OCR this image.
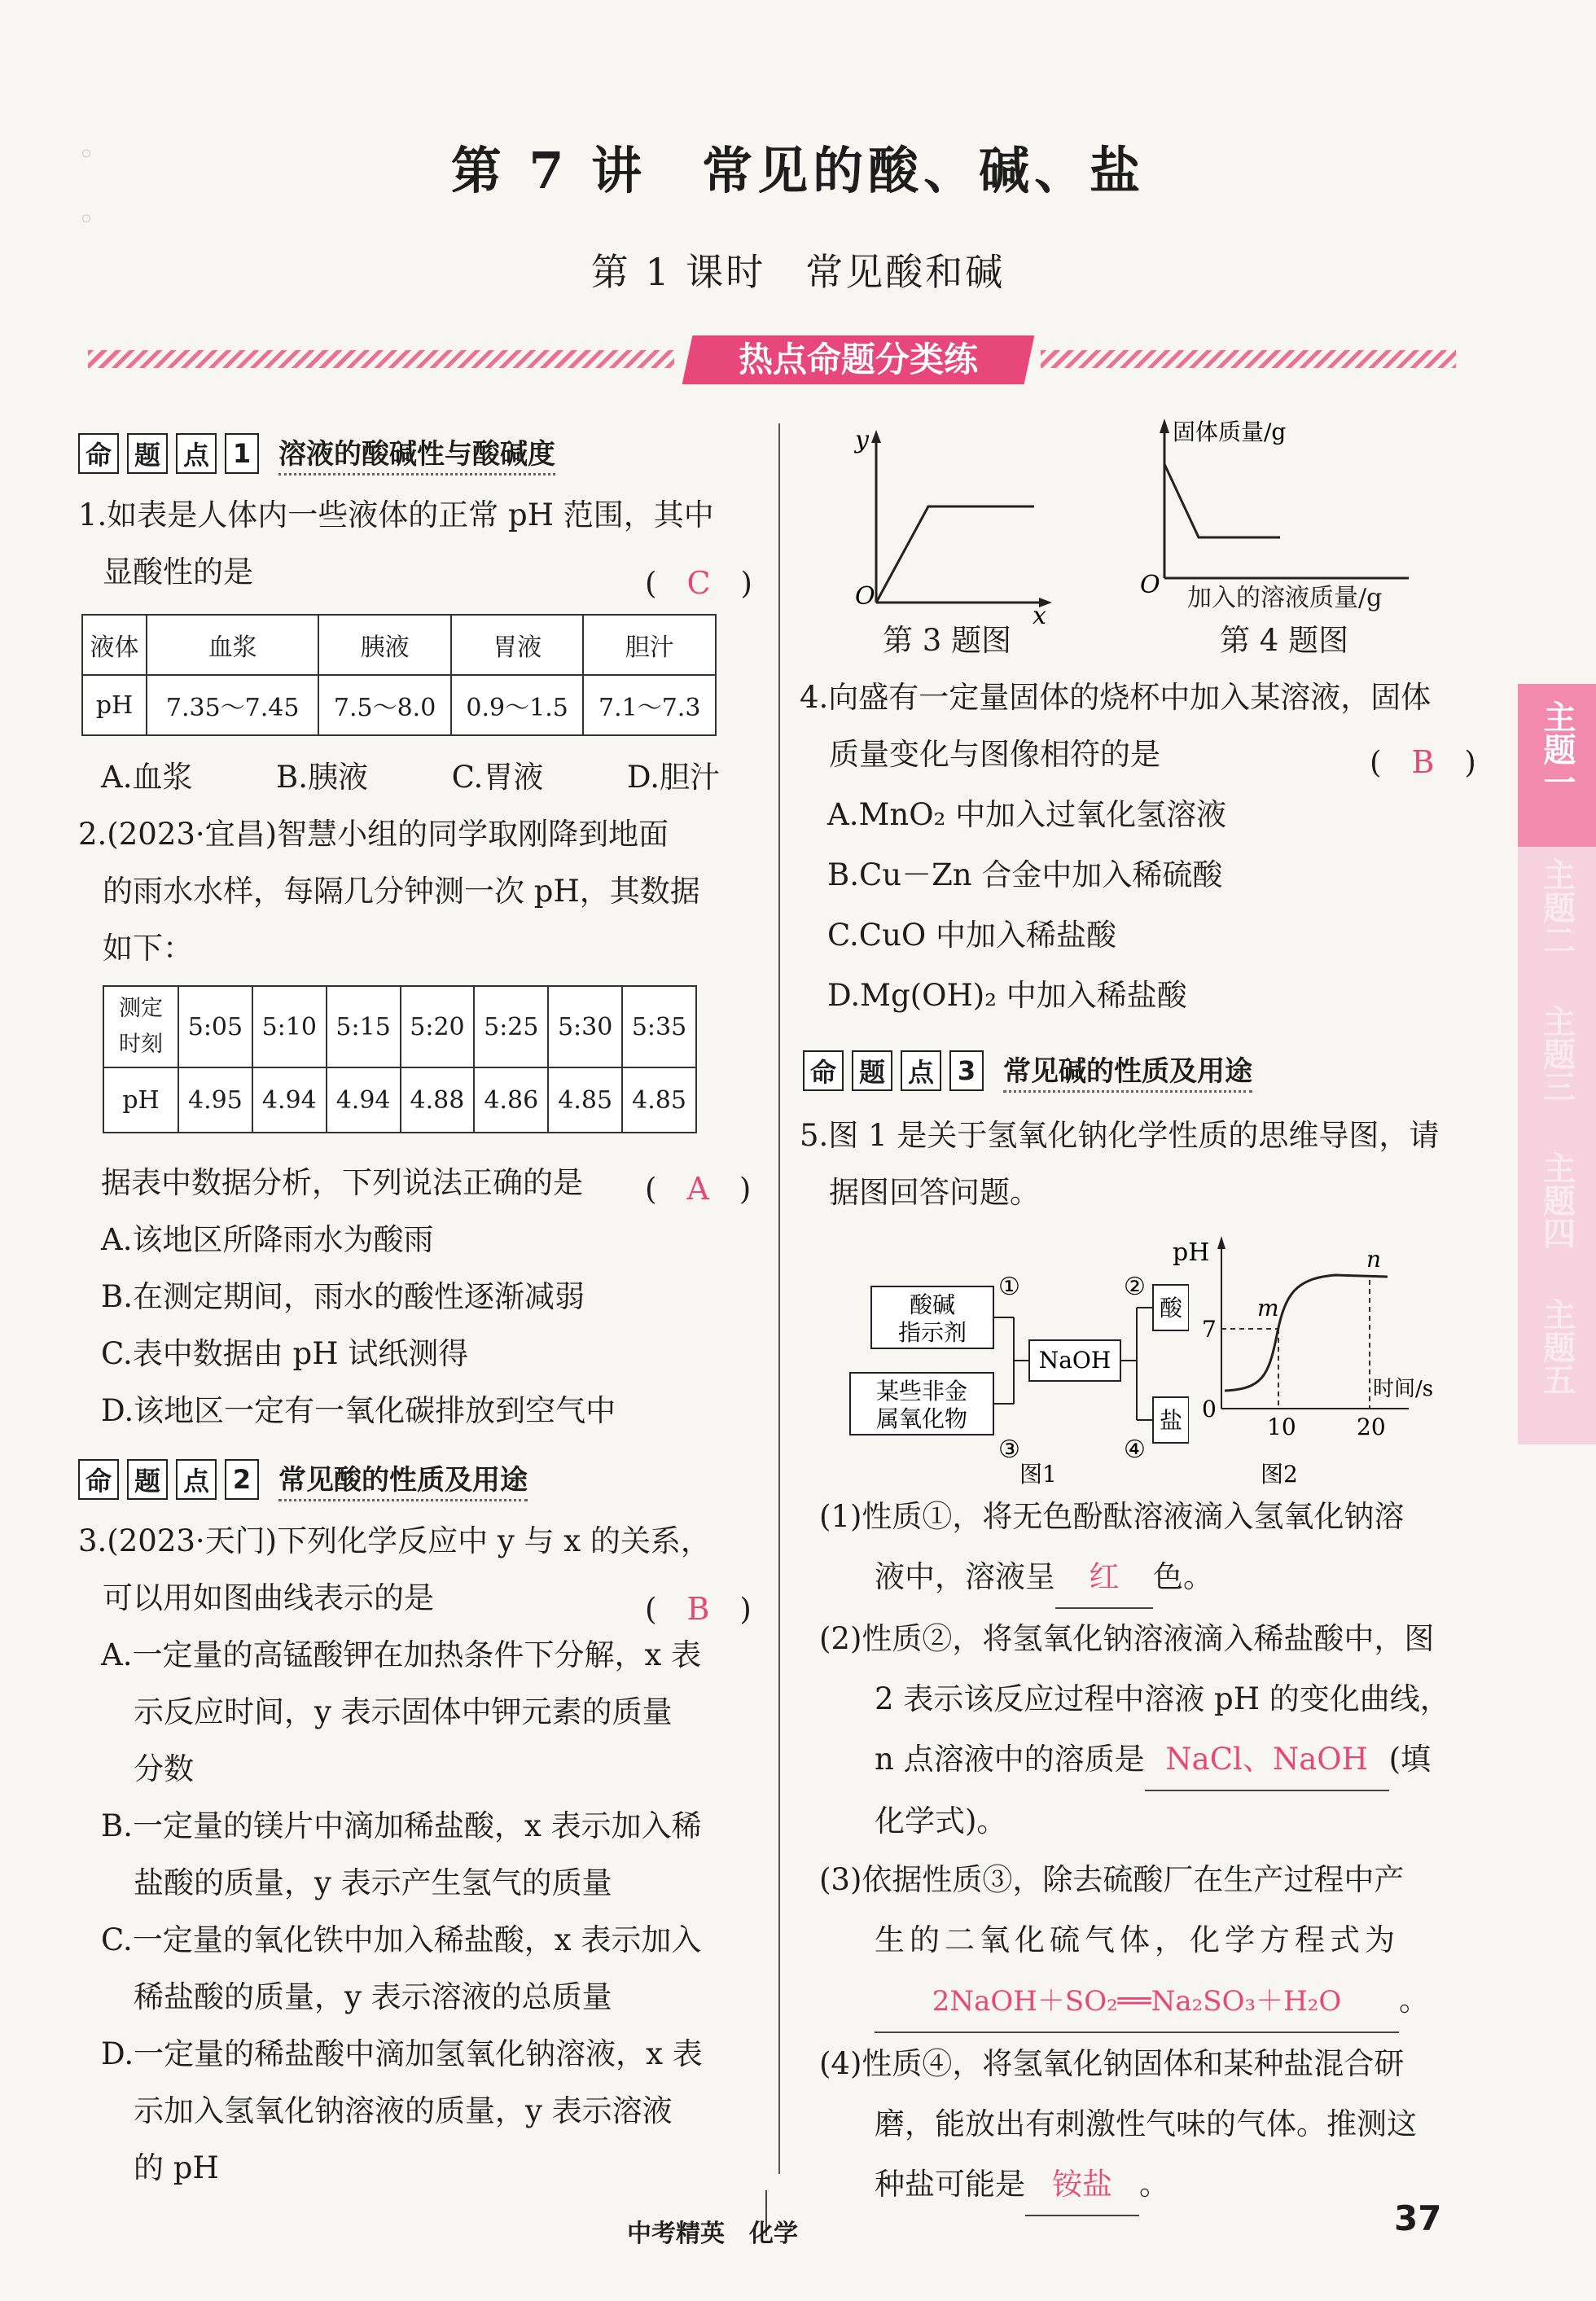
◦
◦
第 7 讲　常见的酸、碱、盐
第 1 课时　常见酸和碱
热点命题分类练
命 题 点 1 溶液的酸碱性与酸碱度
1.如表是人体内一些液体的正常 pH 范围，其中
显酸性的是	(　C　)
液体	血浆	胰液	胃液	胆汁
pH	7.35～7.45	7.5～8.0	0.9～1.5	7.1～7.3
A.血浆	B.胰液	C.胃液	D.胆汁
2.(2023·宜昌)智慧小组的同学取刚降到地面
的雨水水样，每隔几分钟测一次 pH，其数据
如下：
测定
时刻	5:05	5:10	5:15	5:20	5:25	5:30	5:35
pH	4.95	4.94	4.94	4.88	4.86	4.85	4.85
据表中数据分析，下列说法正确的是 (　A　)
A.该地区所降雨水为酸雨
B.在测定期间，雨水的酸性逐渐减弱
C.表中数据由 pH 试纸测得
D.该地区一定有一氧化碳排放到空气中
命 题 点 2 常见酸的性质及用途
3.(2023·天门)下列化学反应中 y 与 x 的关系，
可以用如图曲线表示的是	(　B　)
A.一定量的高锰酸钾在加热条件下分解，x 表
示反应时间，y 表示固体中钾元素的质量
分数
B.一定量的镁片中滴加稀盐酸，x 表示加入稀
盐酸的质量，y 表示产生氢气的质量
C.一定量的氧化铁中加入稀盐酸，x 表示加入
稀盐酸的质量，y 表示溶液的总质量
D.一定量的稀盐酸中滴加氢氧化钠溶液，x 表
示加入氢氧化钠溶液的质量，y 表示溶液
的 pH
y
x
O
第 3 题图
固体质量/g
O 加入的溶液质量/g
第 4 题图
4.向盛有一定量固体的烧杯中加入某溶液，固体
质量变化与图像相符的是	(　B　)
A.MnO₂ 中加入过氧化氢溶液
B.Cu－Zn 合金中加入稀硫酸
C.CuO 中加入稀盐酸
D.Mg(OH)₂ 中加入稀盐酸
命 题 点 3 常见碱的性质及用途
5.图 1 是关于氢氧化钠化学性质的思维导图，请
据图回答问题。
酸碱
指示剂
某些非金
属氧化物
NaOH
酸
盐
①	②
③	④
图1
pH
7
0
10	20
时间/s
m
n
图2
(1)性质①，将无色酚酞溶液滴入氢氧化钠溶
液中，溶液呈 红 色。
(2)性质②，将氢氧化钠溶液滴入稀盐酸中，图
2 表示该反应过程中溶液 pH 的变化曲线，
n 点溶液中的溶质是 NaCl、NaOH (填
化学式)。
(3)依据性质③，除去硫酸厂在生产过程中产
生的二氧化硫气体，化学方程式为
2NaOH＋SO₂══Na₂SO₃＋H₂O 。
(4)性质④，将氢氧化钠固体和某种盐混合研
磨，能放出有刺激性气味的气体。推测这
种盐可能是 铵盐 。
主题一
主题二
主题三
主题四
主题五
中考精英　化学	37
